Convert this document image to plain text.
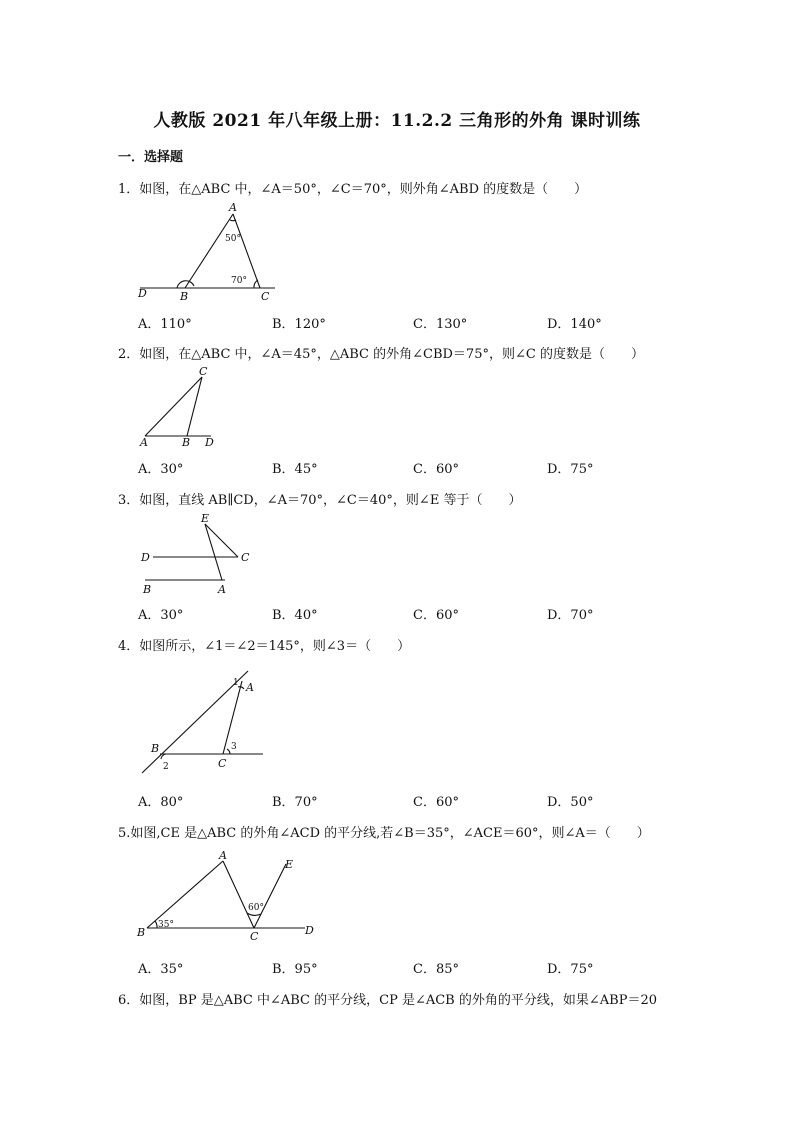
人教版 2021 年八年级上册：11.2.2 三角形的外角 课时训练
一．选择题
1．如图，在△ABC 中，∠A＝50°，∠C＝70°，则外角∠ABD 的度数是（　　）
A
B	C
D
50°
70°
A．110°	B．120°	C．130°	D．140°
2．如图，在△ABC 中，∠A＝45°，△ABC 的外角∠CBD＝75°，则∠C 的度数是（　　）
C
A	B D
A．30°	B．45°	C．60°	D．75°
3．如图，直线 AB∥CD，∠A＝70°，∠C＝40°，则∠E 等于（　　）
E
D	C
B	A
A．30°	B．40°	C．60°	D．70°
4．如图所示，∠1＝∠2＝145°，则∠3＝（　　）
1 A
B	3
2	C
A．80°	B．70°	C．60°	D．50°
5.如图,CE 是△ABC 的外角∠ACD 的平分线,若∠B＝35°，∠ACE＝60°，则∠A＝（　　）
A
E
B	C	D
35°
60°
A．35°	B．95°	C．85°	D．75°
6．如图，BP 是△ABC 中∠ABC 的平分线，CP 是∠ACB 的外角的平分线，如果∠ABP＝20
